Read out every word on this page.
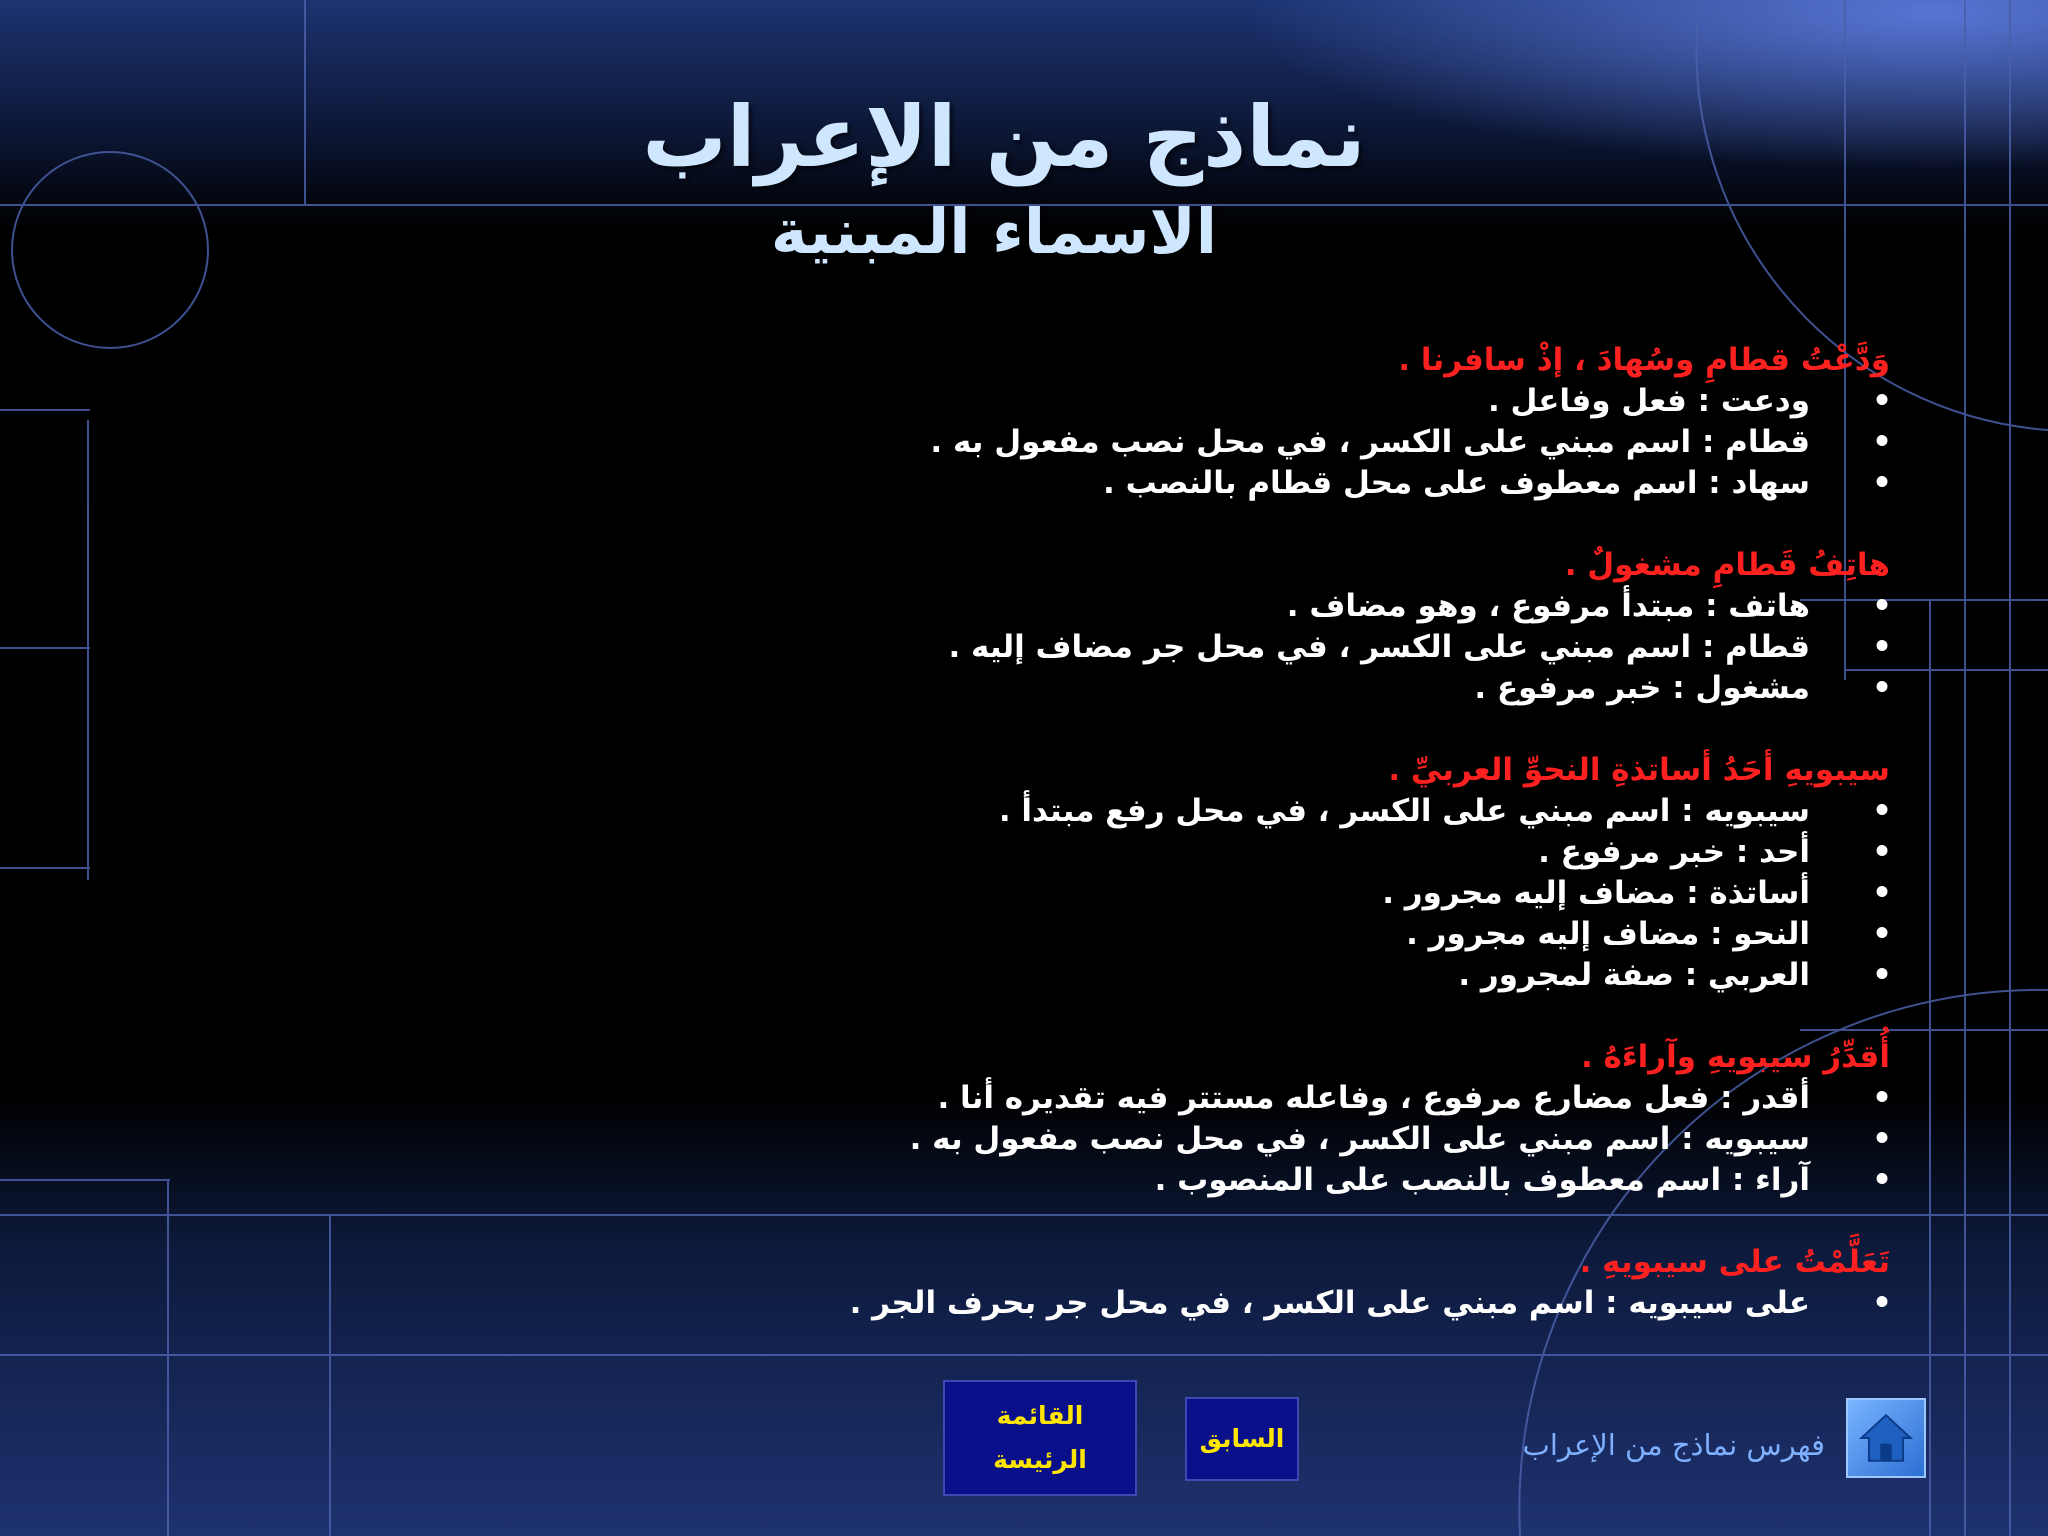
نماذج من الإعراب
الاسماء المبنية
وَدَّعْتُ قطامِ وسُهادَ ، إذْ سافرنا .
• ودعت : فعل وفاعل .
• قطام : اسم مبني على الكسر ، في محل نصب مفعول به .
• سهاد : اسم معطوف على محل قطام بالنصب .
هاتِفُ قَطامِ مشغولٌ .
• هاتف : مبتدأ مرفوع ، وهو مضاف .
• قطام : اسم مبني على الكسر ، في محل جر مضاف إليه .
• مشغول : خبر مرفوع .
سيبويهِ أحَدُ أساتذةِ النحوِّ العربيِّ .
• سيبويه : اسم مبني على الكسر ، في محل رفع مبتدأ .
• أحد : خبر مرفوع .
• أساتذة : مضاف إليه مجرور .
• النحو : مضاف إليه مجرور .
• العربي : صفة لمجرور .
أُقدِّرُ سيبويهِ وآراءَهُ .
• أقدر : فعل مضارع مرفوع ، وفاعله مستتر فيه تقديره أنا .
• سيبويه : اسم مبني على الكسر ، في محل نصب مفعول به .
• آراء : اسم معطوف بالنصب على المنصوب .
تَعَلَّمْتُ على سيبويهِ .
• على سيبويه : اسم مبني على الكسر ، في محل جر بحرف الجر .
القائمة
الرئيسة
السابق	فهرس نماذج من الإعراب
